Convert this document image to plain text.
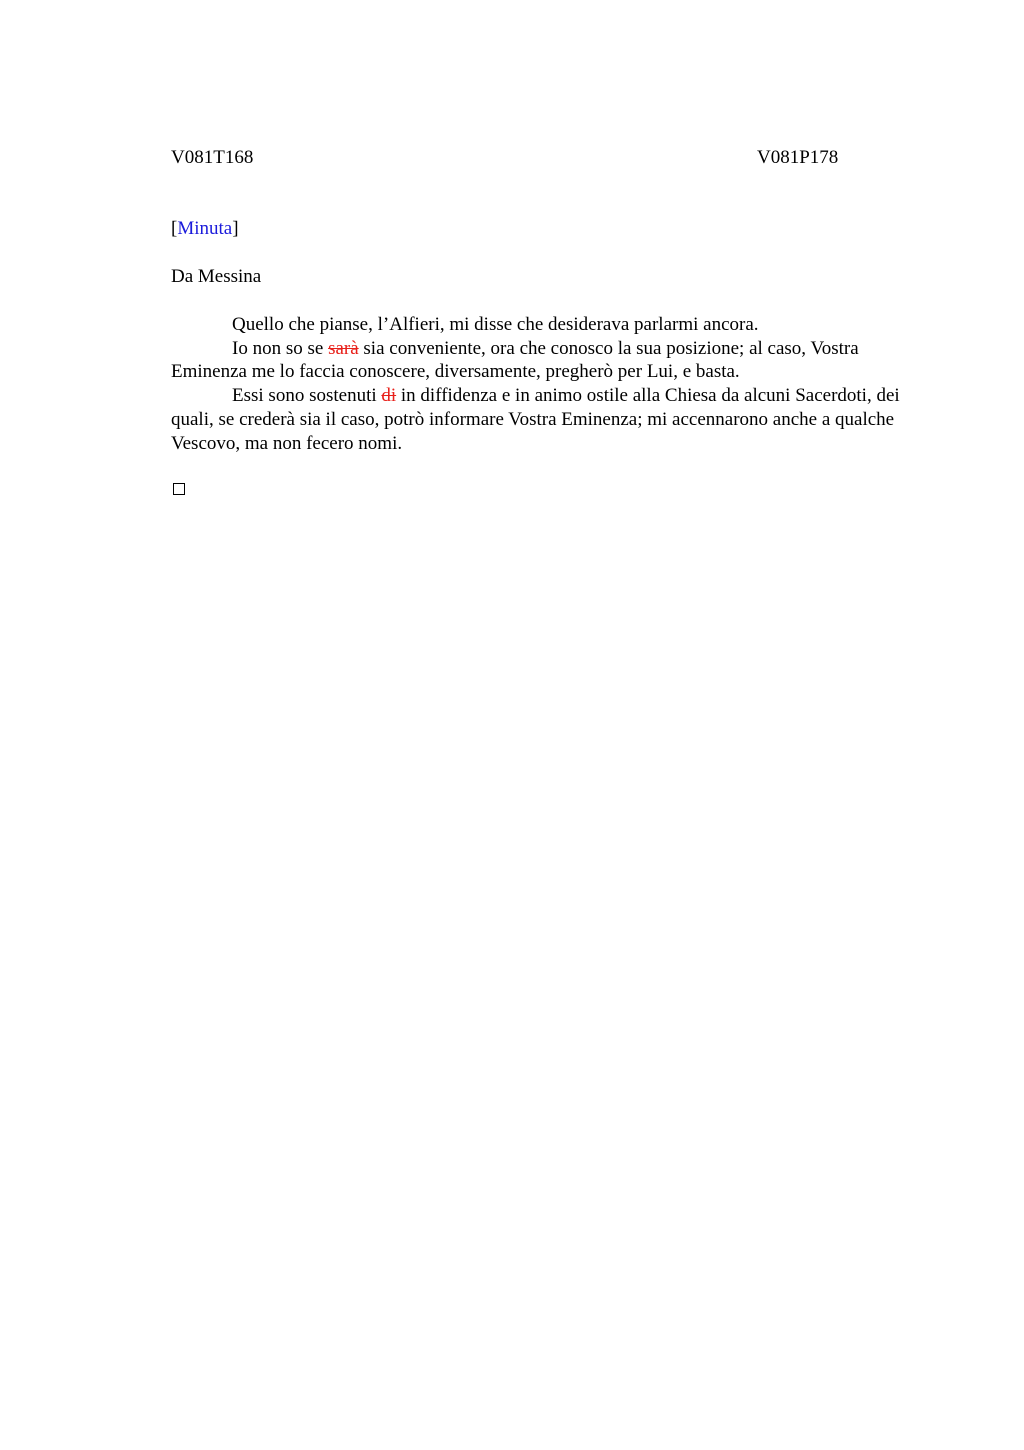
V081T168	V081P178
[Minuta]
Da Messina

Quello che pianse, l’Alfieri, mi disse che desiderava parlarmi ancora.

Io non so se sarà sia conveniente, ora che conosco la sua posizione; al caso, Vostra Eminenza me lo faccia conoscere, diversamente, pregherò per Lui, e basta.

Essi sono sostenuti di in diffidenza e in animo ostile alla Chiesa da alcuni Sacerdoti, dei quali, se crederà sia il caso, potrò informare Vostra Eminenza; mi accennarono anche a qualche Vescovo, ma non fecero nomi.
